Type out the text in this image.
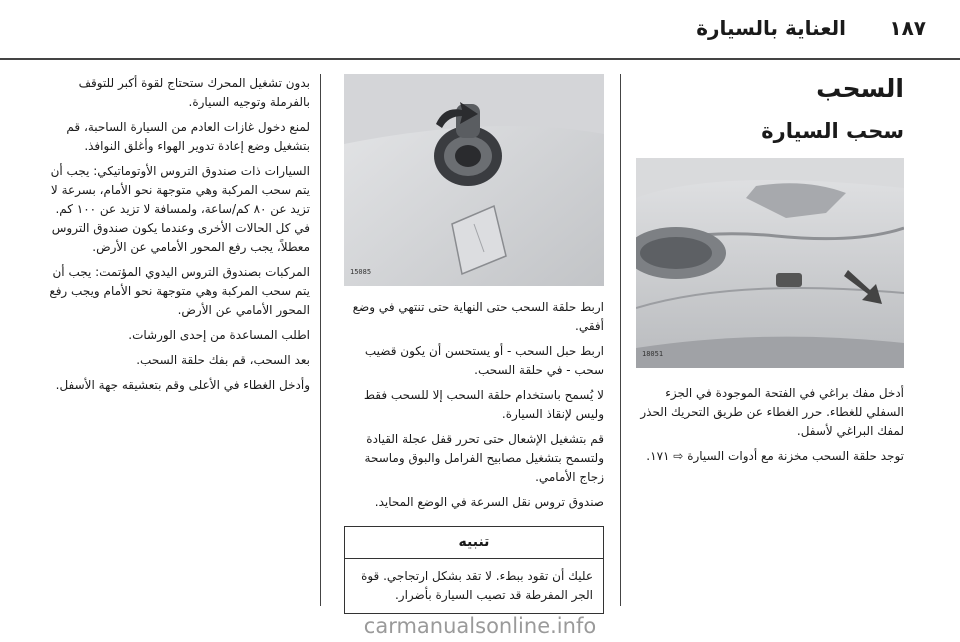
١٨٧
العناية بالسيارة
السحب
سحب السيارة
18051

أدخل مفك براغي في الفتحة الموجودة في الجزء السفلي للغطاء. حرر الغطاء عن طريق التحريك الحذر لمفك البراغي لأسفل.

توجد حلقة السحب مخزنة مع أدوات السيارة ⇨ ١٧١.

15085

اربط حلقة السحب حتى النهاية حتى تنتهي في وضع أفقي.

اربط حبل السحب - أو يستحسن أن يكون قضيب سحب - في حلقة السحب.

لا يُسمح باستخدام حلقة السحب إلا للسحب فقط وليس لإنقاذ السيارة.

قم بتشغيل الإشعال حتى تحرر قفل عجلة القيادة ولتسمح بتشغيل مصابيح الفرامل والبوق وماسحة زجاج الأمامي.

صندوق تروس نقل السرعة في الوضع المحايد.

تنبيه
عليك أن تقود ببطء. لا تقد بشكل ارتجاجي. قوة الجر المفرطة قد تصيب السيارة بأضرار.

بدون تشغيل المحرك ستحتاج لقوة أكبر للتوقف بالفرملة وتوجيه السيارة.

لمنع دخول غازات العادم من السيارة الساحبة، قم بتشغيل وضع إعادة تدوير الهواء وأغلق النوافذ.

السيارات ذات صندوق التروس الأوتوماتيكي: يجب أن يتم سحب المركبة وهي متوجهة نحو الأمام، بسرعة لا تزيد عن ٨٠ كم/ساعة، ولمسافة لا تزيد عن ١٠٠ كم. في كل الحالات الأخرى وعندما يكون صندوق التروس معطلاً، يجب رفع المحور الأمامي عن الأرض.

المركبات بصندوق التروس اليدوي المؤتمت: يجب أن يتم سحب المركبة وهي متوجهة نحو الأمام ويجب رفع المحور الأمامي عن الأرض.

اطلب المساعدة من إحدى الورشات.

بعد السحب، قم بفك حلقة السحب.

وأدخل الغطاء في الأعلى وقم بتعشيقه جهة الأسفل.

carmanualsonline.info
